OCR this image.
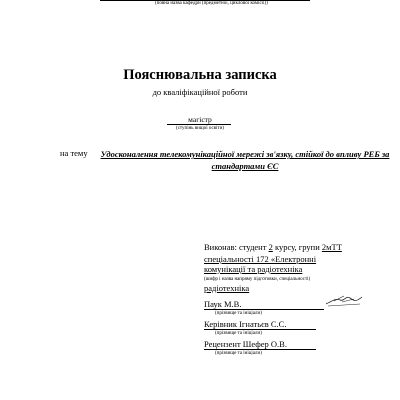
(повна назва кафедри (предметної, циклової комісії))
Пояснювальна записка
до кваліфікаційної роботи
магістр
(ступінь вищої освіти)
на тему Удосконалення телекомунікаційної мережі зв'язку, стійкої до впливу РЕБ за стандартами ЄС
Виконав: студент 2 курсу, групи 2мТТ
спеціальності 172 «Електронні комунікації та радіотехніка
(шифр і назва напряму підготовки, спеціальності)
радіотехніка
Паук М.В.
(прізвище та ініціали)
Керівник Ігнатьєв С.С.
(прізвище та ініціали)
Рецензент Шефер О.В.
(прізвище та ініціали)
